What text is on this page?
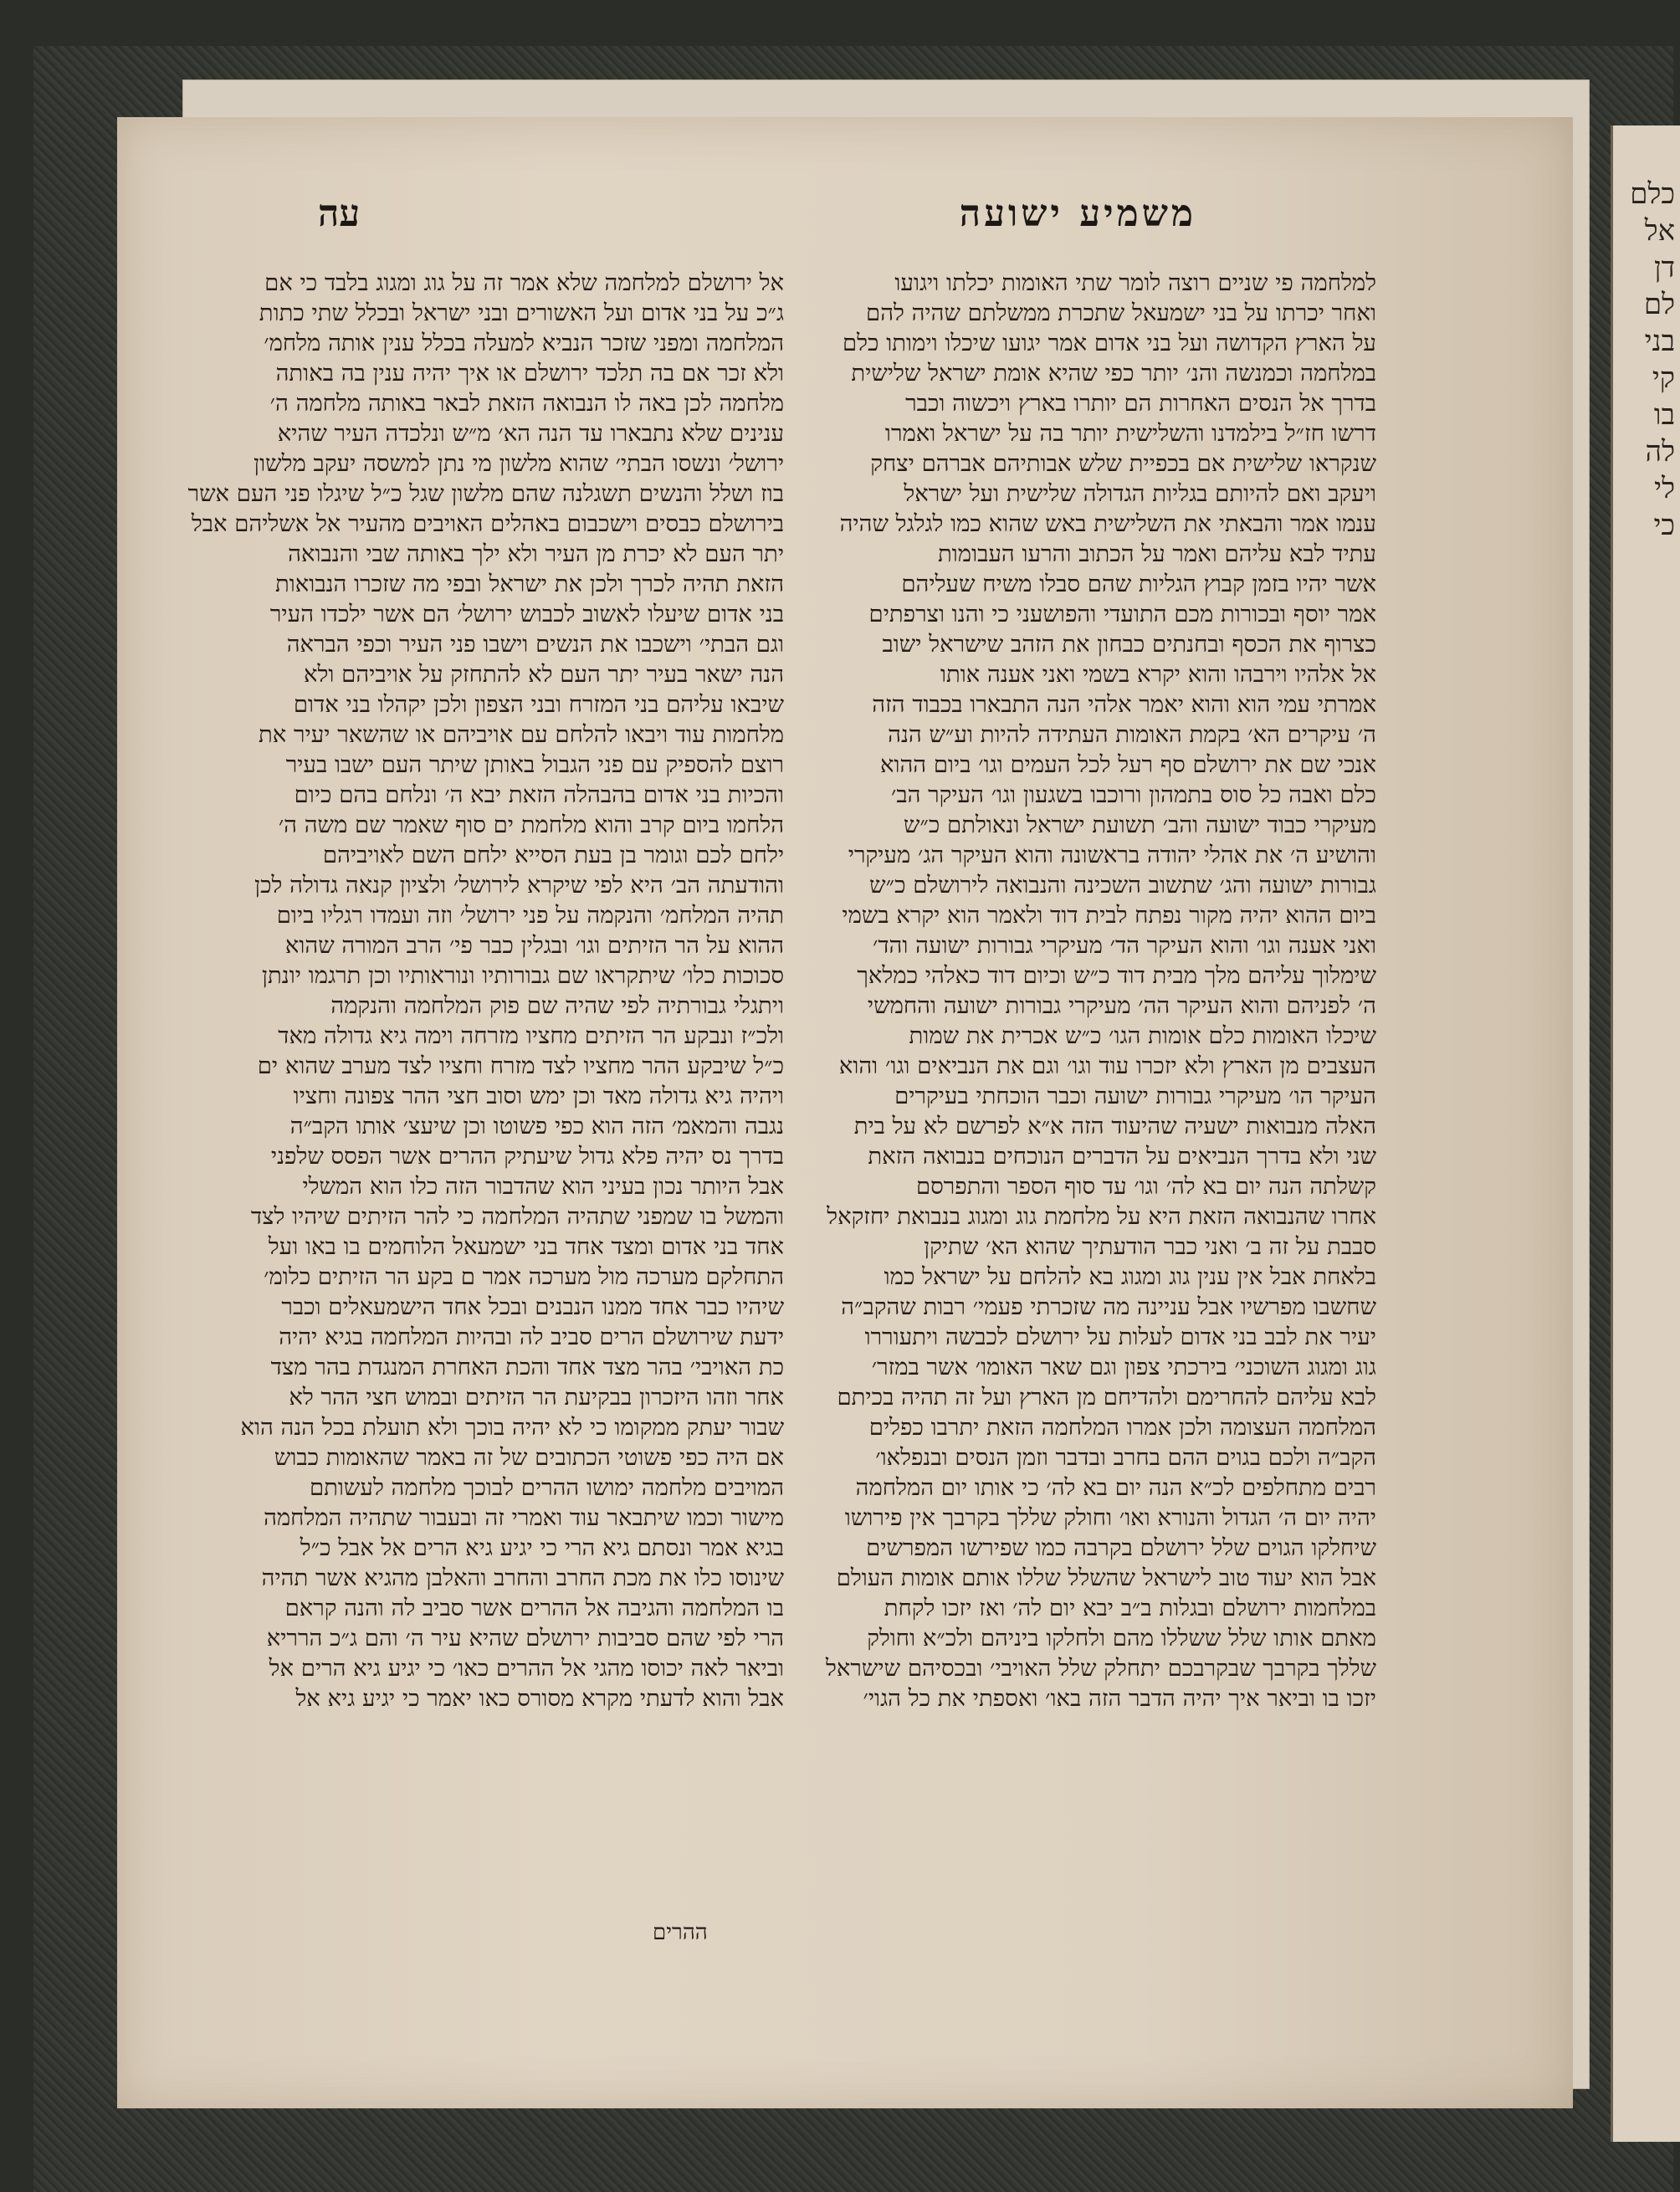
כלם
אל
דן
לם
בני
קי
בו
לה
לי
כי
משמיע ישועה
עה
למלחמה פי שניים רוצה לומר שתי האומות יכלתו ויגועו
ואחר יכרתו על בני ישמעאל שתכרת ממשלתם שהיה להם
על הארץ הקדושה ועל בני אדום אמר יגועו שיכלו וימותו כלם
במלחמה וכמנשה והנ׳ יותר כפי שהיא אומת ישראל שלישית
בדרך אל הנסים האחרות הם יותרו בארץ ויכשוה וכבר
דרשו חז״ל בילמדנו והשלישית יותר בה על ישראל ואמרו
שנקראו שלישית אם בכפיית שלש אבותיהם אברהם יצחק
ויעקב ואם להיותם בגליות הגדולה שלישית ועל ישראל
ענמו אמר והבאתי את השלישית באש שהוא כמו לגלגל שהיה
עתיד לבא עליהם ואמר על הכתוב והרעו העבומות
אשר יהיו בזמן קבוץ הגליות שהם סבלו משיח שעליהם
אמר יוסף ובכורות מכם התועדי והפושעני כי והנו וצרפתים
כצרוף את הכסף ובחנתים כבחון את הזהב שישראל ישוב
אל אלהיו וירבהו והוא יקרא בשמי ואני אענה אותו
אמרתי עמי הוא והוא יאמר אלהי הנה התבארו בכבוד הזה
ה׳ עיקרים הא׳ בקמת האומות העתידה להיות וע״ש הנה
אנכי שם את ירושלם סף רעל לכל העמים וגו׳ ביום ההוא
כלם ואבה כל סוס בתמהון ורוכבו בשגעון וגו׳ העיקר הב׳
מעיקרי כבוד ישועה והב׳ תשועת ישראל ונאולתם כ״ש
והושיע ה׳ את אהלי יהודה בראשונה והוא העיקר הג׳ מעיקרי
גבורות ישועה והג׳ שתשוב השכינה והנבואה לירושלם כ״ש
ביום ההוא יהיה מקור נפתח לבית דוד ולאמר הוא יקרא בשמי
ואני אענה וגו׳ והוא העיקר הד׳ מעיקרי גבורות ישועה והד׳
שימלוך עליהם מלך מבית דוד כ״ש וכיום דוד כאלהי כמלאך
ה׳ לפניהם והוא העיקר הה׳ מעיקרי גבורות ישועה והחמשי
שיכלו האומות כלם אומות הגו׳ כ״ש אכרית את שמות
העצבים מן הארץ ולא יזכרו עוד וגו׳ וגם את הנביאים וגו׳ והוא
העיקר הו׳ מעיקרי גבורות ישועה וכבר הוכחתי בעיקרים
האלה מנבואות ישעיה שהיעוד הזה א״א לפרשם לא על בית
שני ולא בדרך הנביאים על הדברים הנוכחים בנבואה הזאת
קשלתה הנה יום בא לה׳ וגו׳ עד סוף הספר והתפרסם
אחרו שהנבואה הזאת היא על מלחמת גוג ומגוג בנבואת יחזקאל
סבבת על זה ב׳ ואני כבר הודעתיך שהוא הא׳ שתיקן
בלאחת אבל אין ענין גוג ומגוג בא להלחם על ישראל כמו
שחשבו מפרשיו אבל עניינה מה שזכרתי פעמי׳ רבות שהקב״ה
יעיר את לבב בני אדום לעלות על ירושלם לכבשה ויתעוררו
גוג ומגוג השוכני׳ בירכתי צפון וגם שאר האומו׳ אשר במזר׳
לבא עליהם להחרימם ולהדיחם מן הארץ ועל זה תהיה בכיתם
המלחמה העצומה ולכן אמרו המלחמה הזאת יתרבו כפלים
הקב״ה ולכם בגוים ההם בחרב ובדבר וזמן הנסים ובנפלאו׳
רבים מתחלפים לכ״א הנה יום בא לה׳ כי אותו יום המלחמה
יהיה יום ה׳ הגדול והנורא ואו׳ וחולק שללך בקרבך אין פירושו
שיחלקו הגוים שלל ירושלם בקרבה כמו שפירשו המפרשים
אבל הוא יעוד טוב לישראל שהשלל שללו אותם אומות העולם
במלחמות ירושלם ובגלות ב״ב יבא יום לה׳ ואז יזכו לקחת
מאתם אותו שלל ששללו מהם ולחלקו ביניהם ולכ״א וחולק
שללך בקרבך שבקרבכם יתחלק שלל האויבי׳ ובכסיהם שישראל
יזכו בו וביאר איך יהיה הדבר הזה באו׳ ואספתי את כל הגוי׳
אל ירושלם למלחמה שלא אמר זה על גוג ומגוג בלבד כי אם
ג״כ על בני אדום ועל האשורים ובני ישראל ובכלל שתי כתות
המלחמה ומפני שזכר הנביא למעלה בכלל ענין אותה מלחמ׳
ולא זכר אם בה תלכד ירושלם או איך יהיה ענין בה באותה
מלחמה לכן באה לו הנבואה הזאת לבאר באותה מלחמה ה׳
ענינים שלא נתבארו עד הנה הא׳ מ״ש ונלכדה העיר שהיא
ירושל׳ ונשסו הבתי׳ שהוא מלשון מי נתן למשסה יעקב מלשון
בוז ושלל והנשים תשגלנה שהם מלשון שגל כ״ל שיגלו פני העם אשר
בירושלם כבסים וישכבום באהלים האויבים מהעיר אל אשליהם אבל
יתר העם לא יכרת מן העיר ולא ילך באותה שבי והנבואה
הזאת תהיה לכרך ולכן את ישראל ובפי מה שזכרו הנבואות
בני אדום שיעלו לאשוב לכבוש ירושל׳ הם אשר ילכדו העיר
וגם הבתי׳ וישכבו את הנשים וישבו פני העיר וכפי הבראה
הנה ישאר בעיר יתר העם לא להתחזק על אויביהם ולא
שיבאו עליהם בני המזרח ובני הצפון ולכן יקהלו בני אדום
מלחמות עוד ויבאו להלחם עם אויביהם או שהשאר יעיר את
רוצם להספיק עם פני הגבול באותן שיתר העם ישבו בעיר
והכיות בני אדום בהבהלה הזאת יבא ה׳ ונלחם בהם כיום
הלחמו ביום קרב והוא מלחמת ים סוף שאמר שם משה ה׳
ילחם לכם וגומר בן בעת הסייא ילחם השם לאויביהם
והודעתה הב׳ היא לפי שיקרא לירושל׳ ולציון קנאה גדולה לכן
תהיה המלחמ׳ והנקמה על פני ירושל׳ וזה ועמדו רגליו ביום
ההוא על הר הזיתים וגו׳ ובגלין כבר פי׳ הרב המורה שהוא
סכוכות כלו׳ שיתקראו שם גבורותיו ונוראותיו וכן תרגמו יונתן
ויתגלי גבורתיה לפי שהיה שם פוק המלחמה והנקמה
ולכ״ז ונבקע הר הזיתים מחציו מזרחה וימה גיא גדולה מאד
כ״ל שיבקע ההר מחציו לצד מזרח וחציו לצד מערב שהוא ים
ויהיה גיא גדולה מאד וכן ימש וסוב חצי ההר צפונה וחציו
נגבה והמאמ׳ הזה הוא כפי פשוטו וכן שיעצ׳ אותו הקב״ה
בדרך נס יהיה פלא גדול שיעתיק ההרים אשר הפסס שלפני
אבל היותר נכון בעיני הוא שהדבור הזה כלו הוא המשלי
והמשל בו שמפני שתהיה המלחמה כי להר הזיתים שיהיו לצד
אחד בני אדום ומצד אחד בני ישמעאל הלוחמים בו באו ועל
התחלקם מערכה מול מערכה אמר ם בקע הר הזיתים כלומ׳
שיהיו כבר אחד ממנו הנבנים ובכל אחד הישמעאלים וכבר
ידעת שירושלם הרים סביב לה ובהיות המלחמה בגיא יהיה
כת האויבי׳ בהר מצד אחד והכת האחרת המנגדת בהר מצד
אחר וזהו היזכרון בבקיעת הר הזיתים ובמוש חצי ההר לא
שבור יעתק ממקומו כי לא יהיה בוכך ולא תועלת בכל הנה הוא
אם היה כפי פשוטי הכתובים של זה באמר שהאומות כבוש
המויבים מלחמה ימושו ההרים לבוכך מלחמה לעשותם
מישור וכמו שיתבאר עוד ואמרי זה ובעבור שתהיה המלחמה
בגיא אמר ונסתם גיא הרי כי יגיע גיא הרים אל אבל כ״ל
שינוסו כלו את מכת החרב והחרב והאלבן מהגיא אשר תהיה
בו המלחמה והגיבה אל ההרים אשר סביב לה והנה קראם
הרי לפי שהם סביבות ירושלם שהיא עיר ה׳ והם ג״כ הרריא
וביאר לאה יכוסו מהגי אל ההרים כאו׳ כי יגיע גיא הרים אל
אבל והוא לדעתי מקרא מסורס כאו יאמר כי יגיע גיא אל
ההרים
